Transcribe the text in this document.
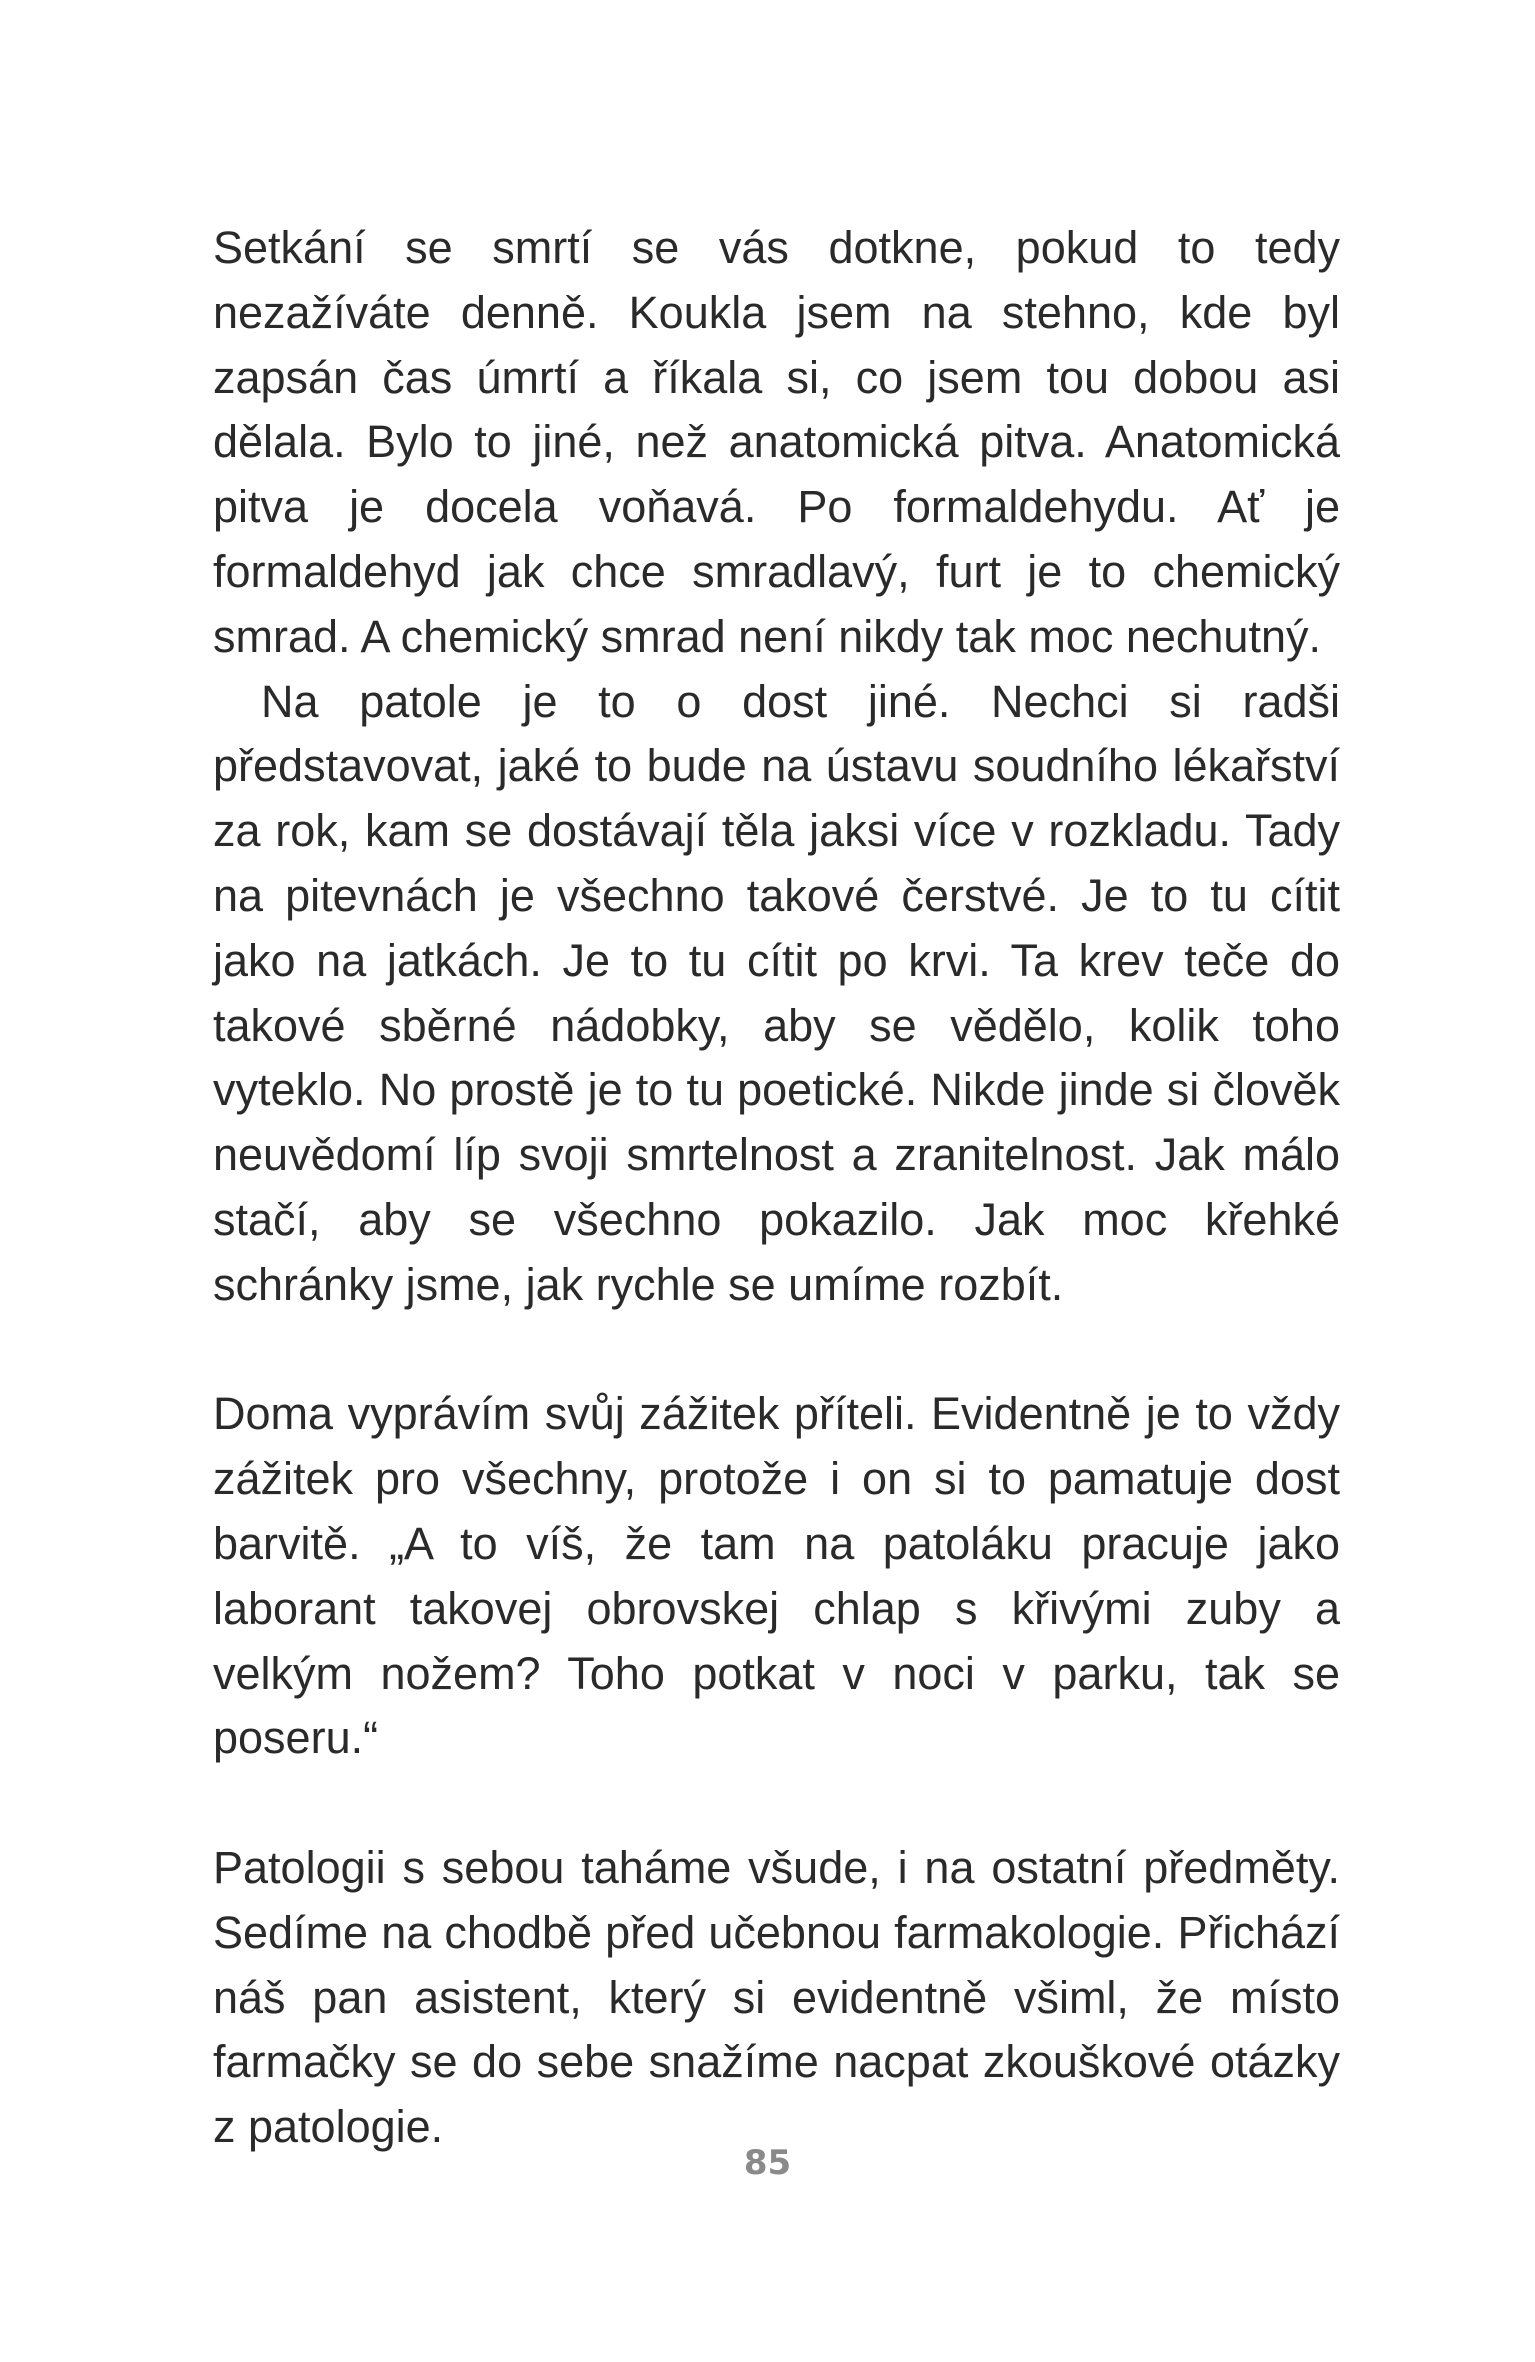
Setkání se smrtí se vás dotkne, pokud to tedy nezažíváte denně. Koukla jsem na stehno, kde byl zapsán čas úmrtí a říkala si, co jsem tou dobou asi dělala. Bylo to jiné, než anatomická pitva. Anatomická pitva je docela voňavá. Po formaldehydu. Ať je formaldehyd jak chce smradlavý, furt je to chemický smrad. A chemický smrad není nikdy tak moc nechutný.

Na patole je to o dost jiné. Nechci si radši představovat, jaké to bude na ústavu soudního lékařství za rok, kam se dostávají těla jaksi více v rozkladu. Tady na pitevnách je všechno takové čerstvé. Je to tu cítit jako na jatkách. Je to tu cítit po krvi. Ta krev teče do takové sběrné nádobky, aby se vědělo, kolik toho vyteklo. No prostě je to tu poetické. Nikde jinde si člověk neuvědomí líp svoji smrtelnost a zranitelnost. Jak málo stačí, aby se všechno pokazilo. Jak moc křehké schránky jsme, jak rychle se umíme rozbít.

Doma vyprávím svůj zážitek příteli. Evidentně je to vždy zážitek pro všechny, protože i on si to pamatuje dost barvitě. „A to víš, že tam na patoláku pracuje jako laborant takovej obrovskej chlap s křivými zuby a velkým nožem? Toho potkat v noci v parku, tak se poseru.“

Patologii s sebou taháme všude, i na ostatní předměty. Sedíme na chodbě před učebnou farmakologie. Přichází náš pan asistent, který si evidentně všiml, že místo farmačky se do sebe snažíme nacpat zkouškové otázky z patologie.

85
